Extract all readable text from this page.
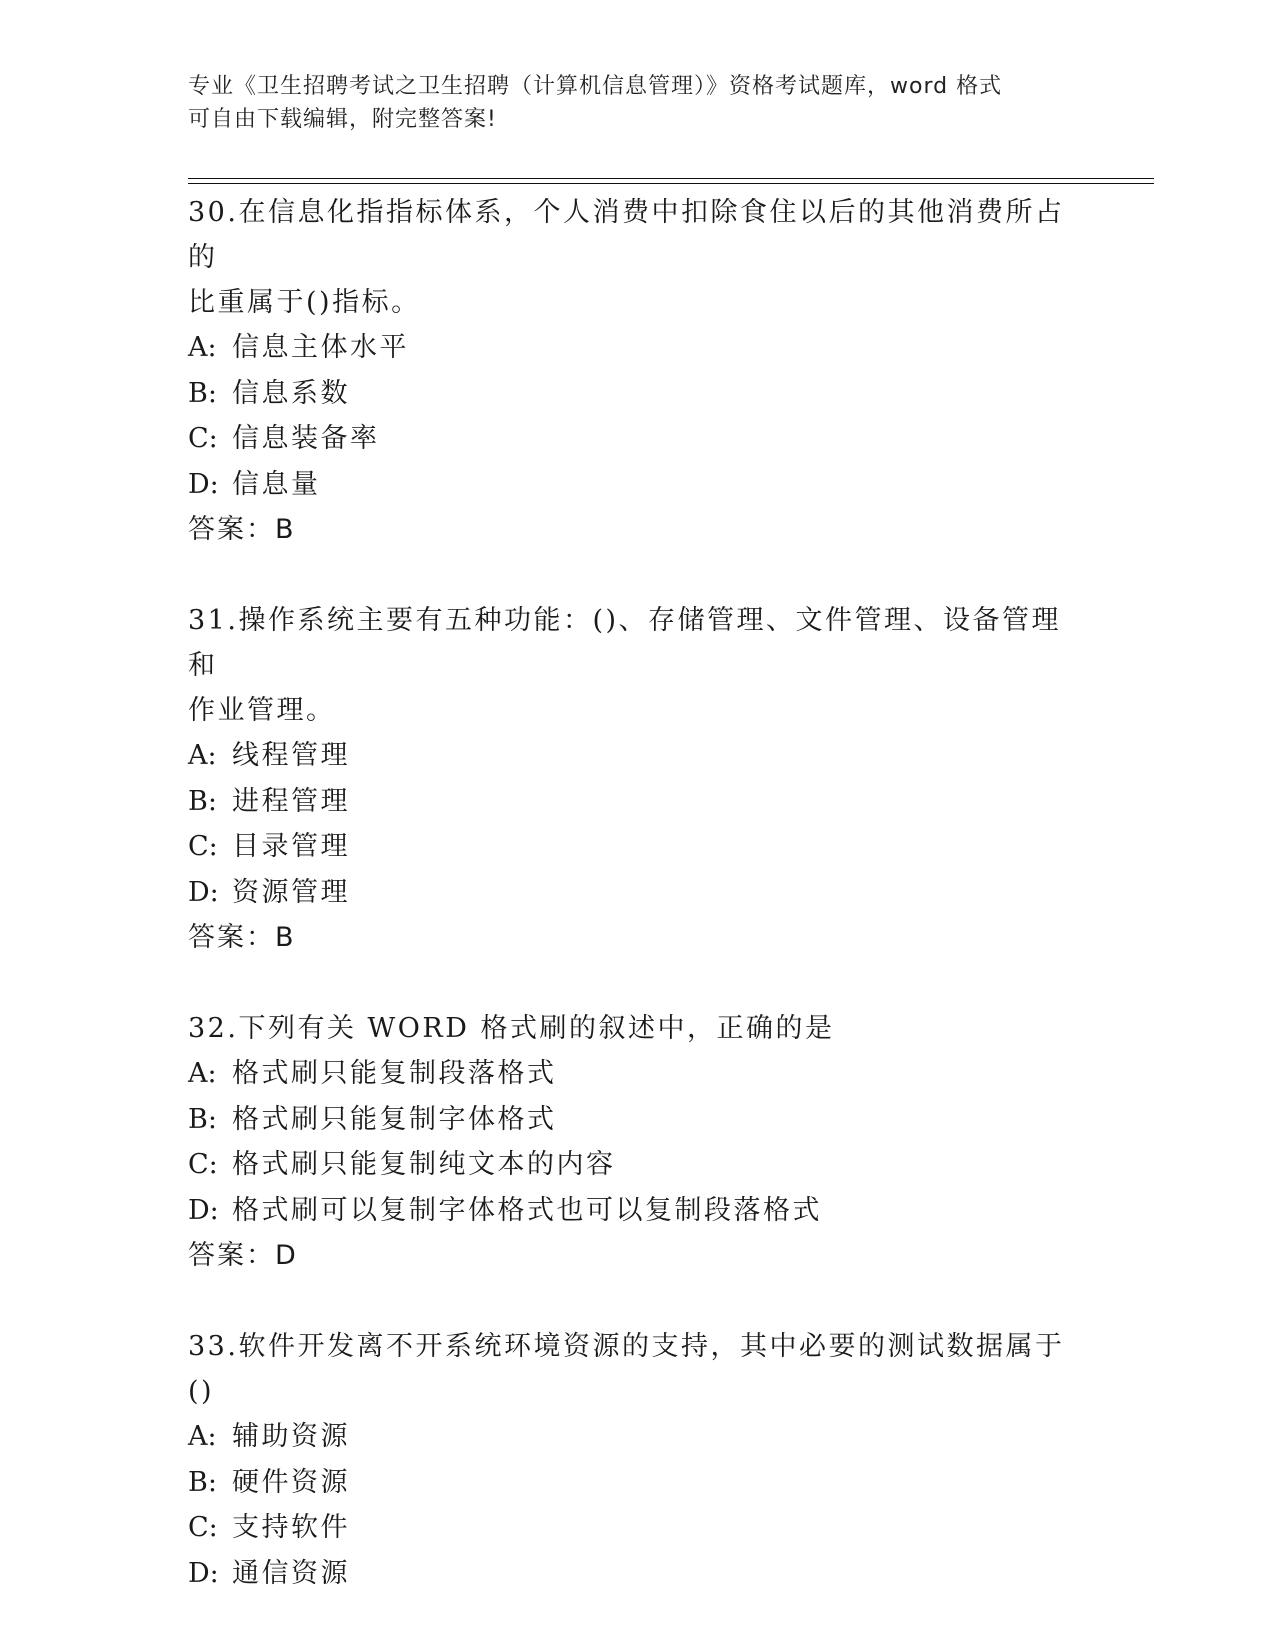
专业《卫生招聘考试之卫生招聘（计算机信息管理）》资格考试题库，word 格式
可自由下载编辑，附完整答案!

30.在信息化指指标体系，个人消费中扣除食住以后的其他消费所占的

比重属于()指标。

A: 信息主体水平

B: 信息系数

C: 信息装备率

D: 信息量

答案：B

31.操作系统主要有五种功能：()、存储管理、文件管理、设备管理和

作业管理。

A: 线程管理

B: 进程管理

C: 目录管理

D: 资源管理

答案：B

32.下列有关 WORD 格式刷的叙述中，正确的是

A: 格式刷只能复制段落格式

B: 格式刷只能复制字体格式

C: 格式刷只能复制纯文本的内容

D: 格式刷可以复制字体格式也可以复制段落格式

答案：D

33.软件开发离不开系统环境资源的支持，其中必要的测试数据属于()

A: 辅助资源

B: 硬件资源

C: 支持软件

D: 通信资源
